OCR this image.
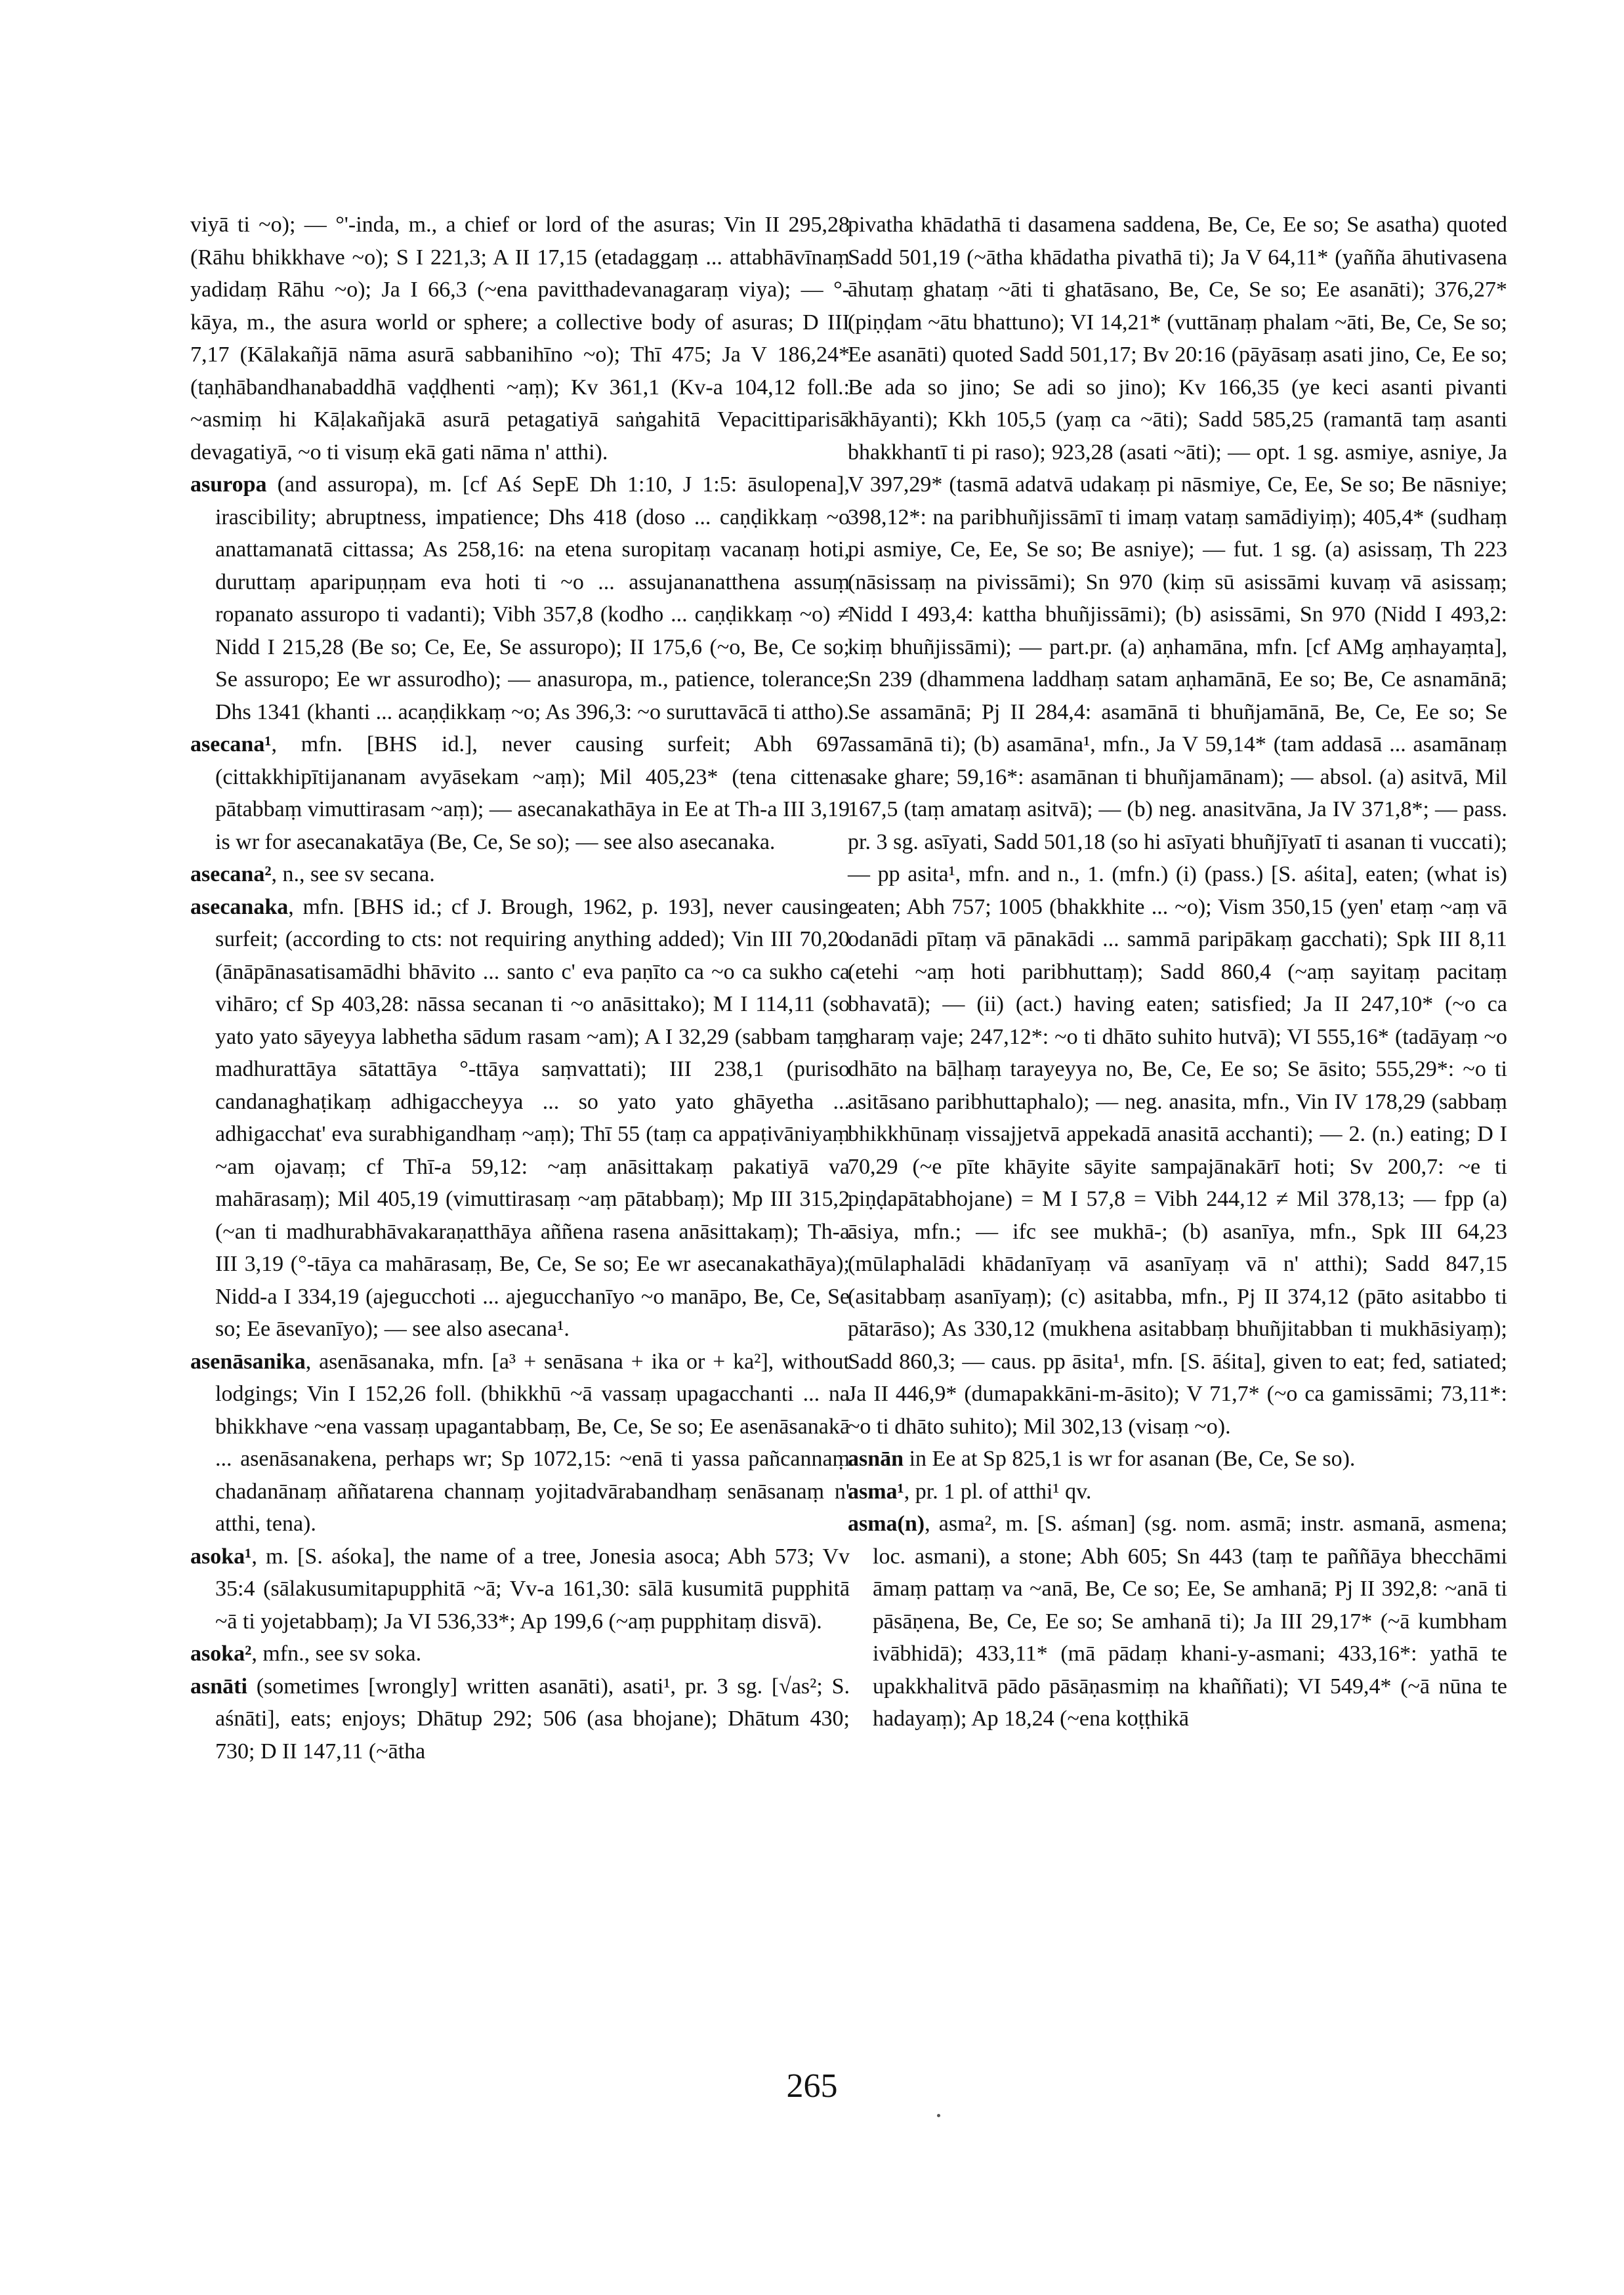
viyā ti ~o); — °'-inda, m., a chief or lord of the asuras; Vin II 295,28 (Rāhu bhikkhave ~o); S I 221,3; A II 17,15 (etadaggaṃ ... attabhāvīnaṃ yadidaṃ Rāhu ~o); Ja I 66,3 (~ena pavitthadevanagaraṃ viya); — °-kāya, m., the asura world or sphere; a collective body of asuras; D III 7,17 (Kālakañjā nāma asurā sabbanihīno ~o); Thī 475; Ja V 186,24* (taṇhābandhanabaddhā vaḍḍhenti ~aṃ); Kv 361,1 (Kv-a 104,12 foll.: ~asmiṃ hi Kāḷakañjakā asurā petagatiyā saṅgahitā Vepacittiparisā devagatiyā, ~o ti visuṃ ekā gati nāma n' atthi).

asuropa (and assuropa), m. [cf Aś SepE Dh 1:10, J 1:5: āsulopena], irascibility; abruptness, impatience; Dhs 418 (doso ... caṇḍikkaṃ ~o anattamanatā cittassa; As 258,16: na etena suropitaṃ vacanaṃ hoti, duruttaṃ aparipuṇṇam eva hoti ti ~o ... assujananatthena assuṃ ropanato assuropo ti vadanti); Vibh 357,8 (kodho ... caṇḍikkaṃ ~o) ≠ Nidd I 215,28 (Be so; Ce, Ee, Se assuropo); II 175,6 (~o, Be, Ce so; Se assuropo; Ee wr assurodho); — anasuropa, m., patience, tolerance; Dhs 1341 (khanti ... acaṇḍikkaṃ ~o; As 396,3: ~o suruttavācā ti attho).

asecana¹, mfn. [BHS id.], never causing surfeit; Abh 697 (cittakkhipītijananam avyāsekam ~aṃ); Mil 405,23* (tena cittena pātabbaṃ vimuttirasam ~aṃ); — asecanakathāya in Ee at Th-a III 3,19 is wr for asecanakatāya (Be, Ce, Se so); — see also asecanaka.

asecana², n., see sv secana.

asecanaka, mfn. [BHS id.; cf J. Brough, 1962, p. 193], never causing surfeit; (according to cts: not requiring anything added); Vin III 70,20 (ānāpānasatisamādhi bhāvito ... santo c' eva paṇīto ca ~o ca sukho ca vihāro; cf Sp 403,28: nāssa secanan ti ~o anāsittako); M I 114,11 (so yato yato sāyeyya labhetha sādum rasam ~am); A I 32,29 (sabbam taṃ madhurattāya sātattāya °-ttāya saṃvattati); III 238,1 (puriso candanaghaṭikaṃ adhigaccheyya ... so yato yato ghāyetha ... adhigacchat' eva surabhigandhaṃ ~aṃ); Thī 55 (taṃ ca appaṭivāniyaṃ ~am ojavaṃ; cf Thī-a 59,12: ~aṃ anāsittakaṃ pakatiyā va mahārasaṃ); Mil 405,19 (vimuttirasaṃ ~aṃ pātabbaṃ); Mp III 315,2 (~an ti madhurabhāvakaraṇatthāya aññena rasena anāsittakaṃ); Th-a III 3,19 (°-tāya ca mahārasaṃ, Be, Ce, Se so; Ee wr asecanakathāya); Nidd-a I 334,19 (ajegucchoti ... ajegucchanīyo ~o manāpo, Be, Ce, Se so; Ee āsevanīyo); — see also asecana¹.

asenāsanika, asenāsanaka, mfn. [a³ + senāsana + ika or + ka²], without lodgings; Vin I 152,26 foll. (bhikkhū ~ā vassaṃ upagacchanti ... na bhikkhave ~ena vassaṃ upagantabbaṃ, Be, Ce, Se so; Ee asenāsanakā ... asenāsanakena, perhaps wr; Sp 1072,15: ~enā ti yassa pañcannaṃ chadanānaṃ aññatarena channaṃ yojitadvārabandhaṃ senāsanaṃ n' atthi, tena).

asoka¹, m. [S. aśoka], the name of a tree, Jonesia asoca; Abh 573; Vv 35:4 (sālakusumitapupphitā ~ā; Vv-a 161,30: sālā kusumitā pupphitā ~ā ti yojetabbaṃ); Ja VI 536,33*; Ap 199,6 (~aṃ pupphitaṃ disvā).

asoka², mfn., see sv soka.

asnāti (sometimes [wrongly] written asanāti), asati¹, pr. 3 sg. [√as²; S. aśnāti], eats; enjoys; Dhātup 292; 506 (asa bhojane); Dhātum 430; 730; D II 147,11 (~ātha

pivatha khādathā ti dasamena saddena, Be, Ce, Ee so; Se asatha) quoted Sadd 501,19 (~ātha khādatha pivathā ti); Ja V 64,11* (yañña āhutivasena āhutaṃ ghataṃ ~āti ti ghatāsano, Be, Ce, Se so; Ee asanāti); 376,27* (piṇḍam ~ātu bhattuno); VI 14,21* (vuttānaṃ phalam ~āti, Be, Ce, Se so; Ee asanāti) quoted Sadd 501,17; Bv 20:16 (pāyāsaṃ asati jino, Ce, Ee so; Be ada so jino; Se adi so jino); Kv 166,35 (ye keci asanti pivanti khāyanti); Kkh 105,5 (yaṃ ca ~āti); Sadd 585,25 (ramantā taṃ asanti bhakkhantī ti pi raso); 923,28 (asati ~āti); — opt. 1 sg. asmiye, asniye, Ja V 397,29* (tasmā adatvā udakaṃ pi nāsmiye, Ce, Ee, Se so; Be nāsniye; 398,12*: na paribhuñjissāmī ti imaṃ vataṃ samādiyiṃ); 405,4* (sudhaṃ pi asmiye, Ce, Ee, Se so; Be asniye); — fut. 1 sg. (a) asissaṃ, Th 223 (nāsissaṃ na pivissāmi); Sn 970 (kiṃ sū asissāmi kuvaṃ vā asissaṃ; Nidd I 493,4: kattha bhuñjissāmi); (b) asissāmi, Sn 970 (Nidd I 493,2: kiṃ bhuñjissāmi); — part.pr. (a) aṇhamāna, mfn. [cf AMg aṃhayaṃta], Sn 239 (dhammena laddhaṃ satam aṇhamānā, Ee so; Be, Ce asnamānā; Se assamānā; Pj II 284,4: asamānā ti bhuñjamānā, Be, Ce, Ee so; Se assamānā ti); (b) asamāna¹, mfn., Ja V 59,14* (tam addasā ... asamānaṃ sake ghare; 59,16*: asamānan ti bhuñjamānam); — absol. (a) asitvā, Mil 167,5 (taṃ amataṃ asitvā); — (b) neg. anasitvāna, Ja IV 371,8*; — pass. pr. 3 sg. asīyati, Sadd 501,18 (so hi asīyati bhuñjīyatī ti asanan ti vuccati); — pp asita¹, mfn. and n., 1. (mfn.) (i) (pass.) [S. aśita], eaten; (what is) eaten; Abh 757; 1005 (bhakkhite ... ~o); Vism 350,15 (yen' etaṃ ~aṃ vā odanādi pītaṃ vā pānakādi ... sammā paripākaṃ gacchati); Spk III 8,11 (etehi ~aṃ hoti paribhuttaṃ); Sadd 860,4 (~aṃ sayitaṃ pacitaṃ bhavatā); — (ii) (act.) having eaten; satisfied; Ja II 247,10* (~o ca gharaṃ vaje; 247,12*: ~o ti dhāto suhito hutvā); VI 555,16* (tadāyaṃ ~o dhāto na bāḷhaṃ tarayeyya no, Be, Ce, Ee so; Se āsito; 555,29*: ~o ti asitāsano paribhuttaphalo); — neg. anasita, mfn., Vin IV 178,29 (sabbaṃ bhikkhūnaṃ vissajjetvā appekadā anasitā acchanti); — 2. (n.) eating; D I 70,29 (~e pīte khāyite sāyite sampajānakārī hoti; Sv 200,7: ~e ti piṇḍapātabhojane) = M I 57,8 = Vibh 244,12 ≠ Mil 378,13; — fpp (a) āsiya, mfn.; — ifc see mukhā-; (b) asanīya, mfn., Spk III 64,23 (mūlaphalādi khādanīyaṃ vā asanīyaṃ vā n' atthi); Sadd 847,15 (asitabbaṃ asanīyaṃ); (c) asitabba, mfn., Pj II 374,12 (pāto asitabbo ti pātarāso); As 330,12 (mukhena asitabbaṃ bhuñjitabban ti mukhāsiyaṃ); Sadd 860,3; — caus. pp āsita¹, mfn. [S. āśita], given to eat; fed, satiated; Ja II 446,9* (dumapakkāni-m-āsito); V 71,7* (~o ca gamissāmi; 73,11*: ~o ti dhāto suhito); Mil 302,13 (visaṃ ~o).

asnān in Ee at Sp 825,1 is wr for asanan (Be, Ce, Se so).

asma¹, pr. 1 pl. of atthi¹ qv.

asma(n), asma², m. [S. aśman] (sg. nom. asmā; instr. asmanā, asmena; loc. asmani), a stone; Abh 605; Sn 443 (taṃ te paññāya bhecchāmi āmaṃ pattaṃ va ~anā, Be, Ce so; Ee, Se amhanā; Pj II 392,8: ~anā ti pāsāṇena, Be, Ce, Ee so; Se amhanā ti); Ja III 29,17* (~ā kumbham ivābhidā); 433,11* (mā pādaṃ khani-y-asmani; 433,16*: yathā te upakkhalitvā pādo pāsāṇasmiṃ na khaññati); VI 549,4* (~ā nūna te hadayaṃ); Ap 18,24 (~ena koṭṭhikā

265
